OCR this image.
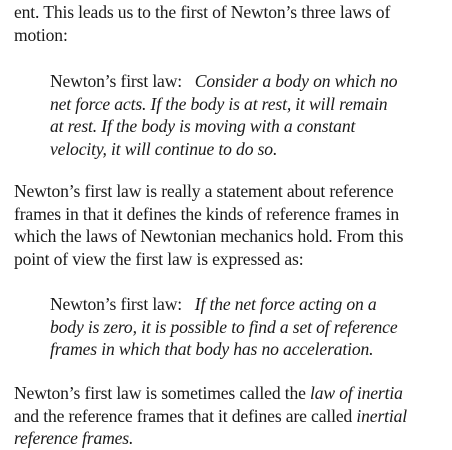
ent. This leads us to the first of Newton’s three laws of
motion:
Newton’s first law: Consider a body on which no
net force acts. If the body is at rest, it will remain
at rest. If the body is moving with a constant
velocity, it will continue to do so.
Newton’s first law is really a statement about reference
frames in that it defines the kinds of reference frames in
which the laws of Newtonian mechanics hold. From this
point of view the first law is expressed as:
Newton’s first law: If the net force acting on a
body is zero, it is possible to find a set of reference
frames in which that body has no acceleration.
Newton’s first law is sometimes called the law of inertia
and the reference frames that it defines are called inertial
reference frames.
